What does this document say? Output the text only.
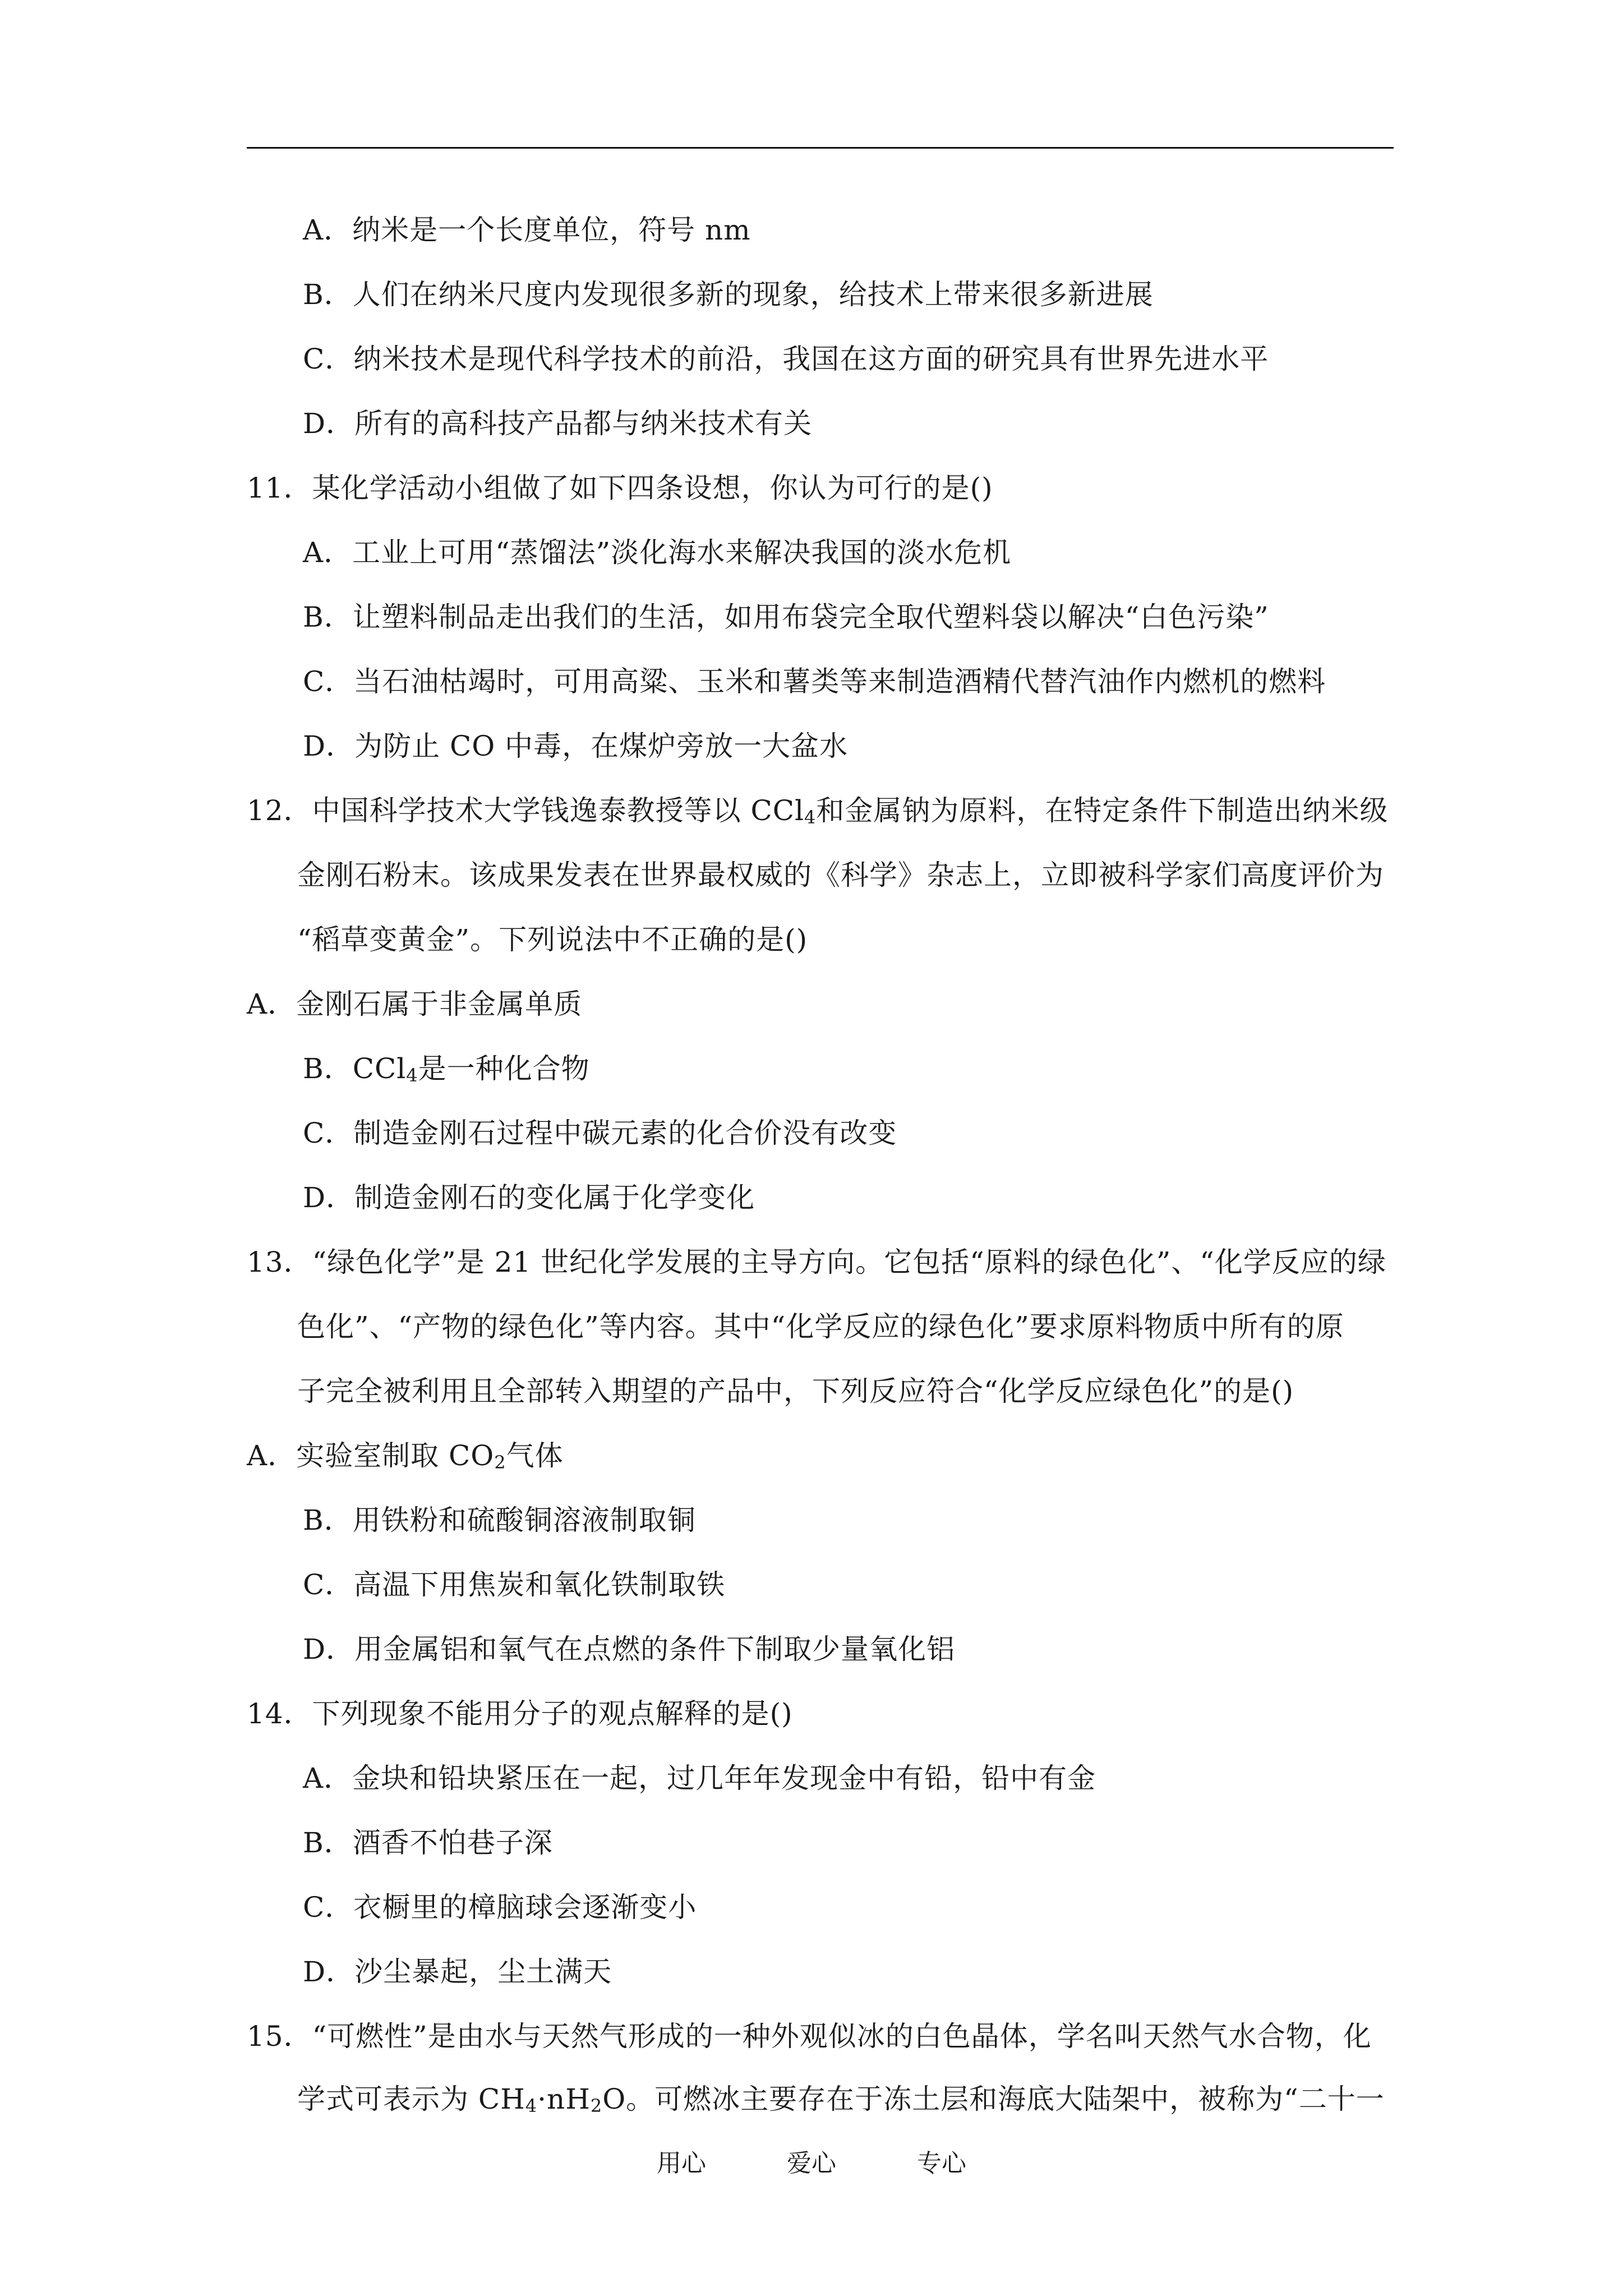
A．纳米是一个长度单位，符号 nm
B．人们在纳米尺度内发现很多新的现象，给技术上带来很多新进展
C．纳米技术是现代科学技术的前沿，我国在这方面的研究具有世界先进水平
D．所有的高科技产品都与纳米技术有关
11．某化学活动小组做了如下四条设想，你认为可行的是()
A．工业上可用“蒸馏法”淡化海水来解决我国的淡水危机
B．让塑料制品走出我们的生活，如用布袋完全取代塑料袋以解决“白色污染”
C．当石油枯竭时，可用高粱、玉米和薯类等来制造酒精代替汽油作内燃机的燃料
D．为防止 CO 中毒，在煤炉旁放一大盆水
12．中国科学技术大学钱逸泰教授等以 CCl$_4$和金属钠为原料，在特定条件下制造出纳米级
金刚石粉末。该成果发表在世界最权威的《科学》杂志上，立即被科学家们高度评价为
“稻草变黄金”。下列说法中不正确的是()
A．金刚石属于非金属单质
B．CCl$_4$是一种化合物
C．制造金刚石过程中碳元素的化合价没有改变
D．制造金刚石的变化属于化学变化
13．“绿色化学”是 21 世纪化学发展的主导方向。它包括“原料的绿色化”、“化学反应的绿
色化”、“产物的绿色化”等内容。其中“化学反应的绿色化”要求原料物质中所有的原
子完全被利用且全部转入期望的产品中，下列反应符合“化学反应绿色化”的是()
A．实验室制取 $CO_2$气体
B．用铁粉和硫酸铜溶液制取铜
C．高温下用焦炭和氧化铁制取铁
D．用金属铝和氧气在点燃的条件下制取少量氧化铝
14．下列现象不能用分子的观点解释的是()
A．金块和铅块紧压在一起，过几年年发现金中有铅，铅中有金
B．酒香不怕巷子深
C．衣橱里的樟脑球会逐渐变小
D．沙尘暴起，尘土满天
15．“可燃性”是由水与天然气形成的一种外观似冰的白色晶体，学名叫天然气水合物，化
学式可表示为 $CH_4\cdot nH_2O$。可燃冰主要存在于冻土层和海底大陆架中，被称为“二十一
用心	爱心	专心
